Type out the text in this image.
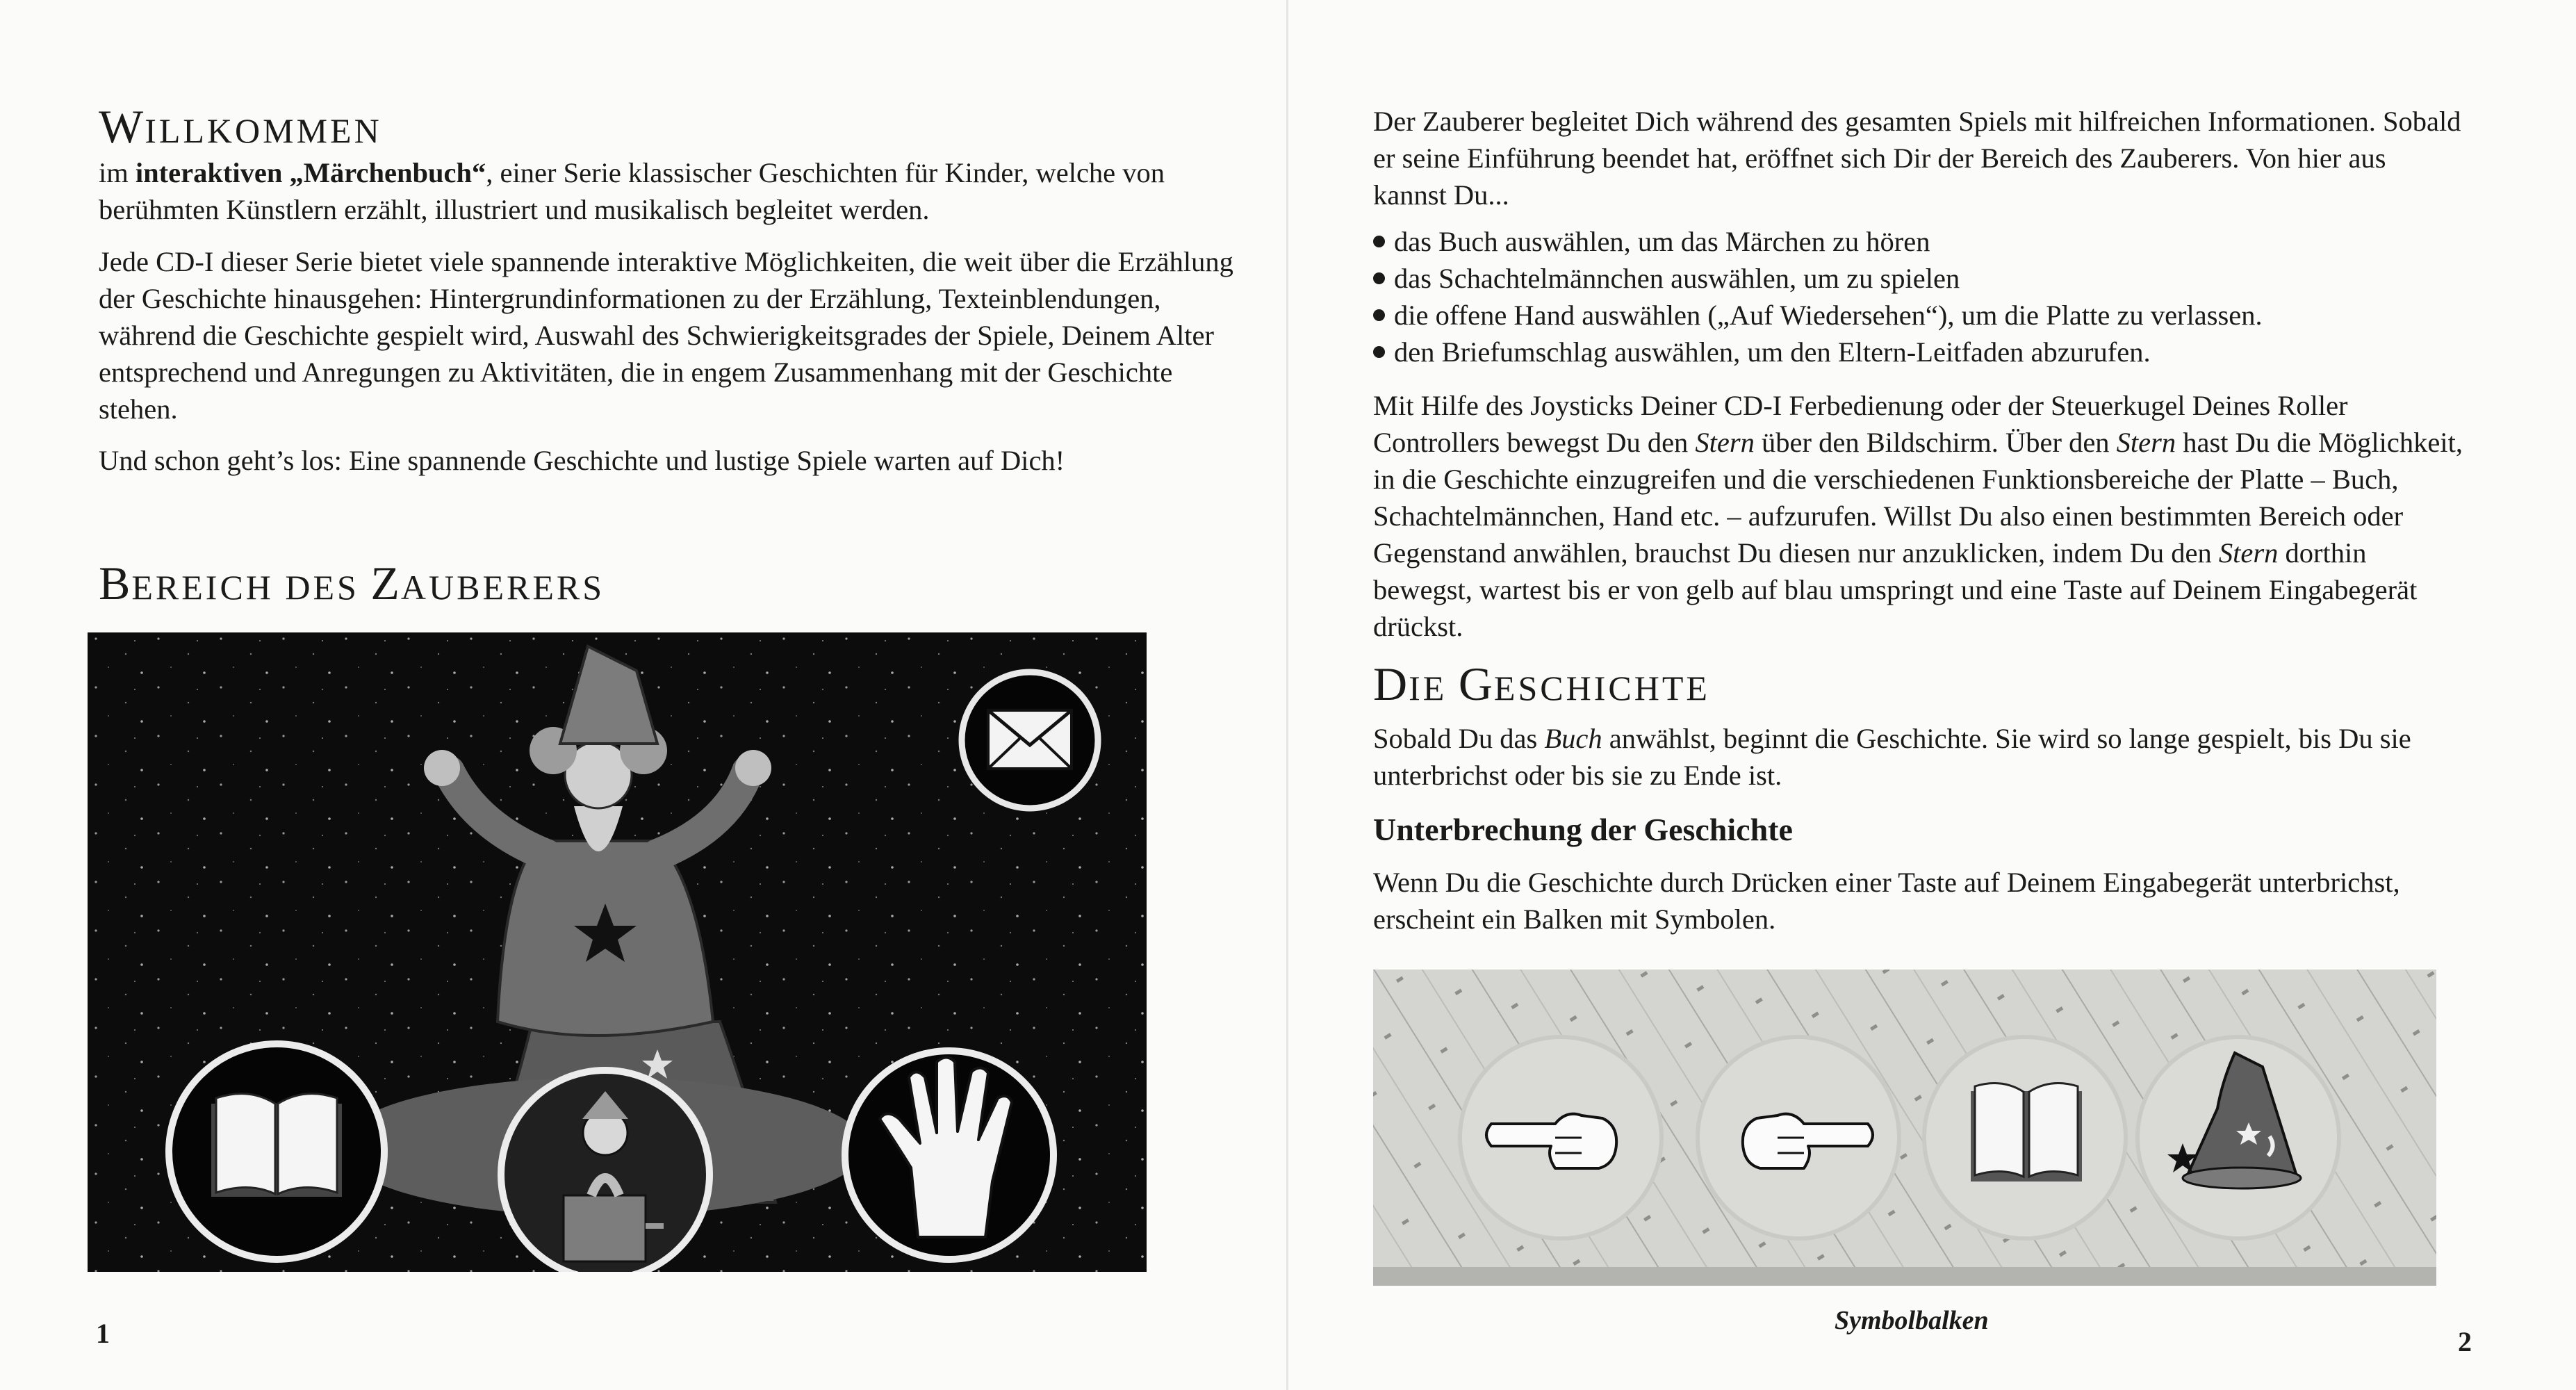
WILLKOMMEN
im interaktiven „Märchenbuch“, einer Serie klassischer Geschichten für Kinder, welche von berühmten Künstlern erzählt, illustriert und musikalisch begleitet werden.
Jede CD-I dieser Serie bietet viele spannende interaktive Möglichkeiten, die weit über die Erzählung der Geschichte hinausgehen: Hintergrundinformationen zu der Erzählung, Texteinblendungen, während die Geschichte gespielt wird, Auswahl des Schwierigkeitsgrades der Spiele, Deinem Alter entsprechend und Anregungen zu Aktivitäten, die in engem Zusammenhang mit der Geschichte stehen.
Und schon geht’s los: Eine spannende Geschichte und lustige Spiele warten auf Dich!
BEREICH DES ZAUBERERS
1
Der Zauberer begleitet Dich während des gesamten Spiels mit hilfreichen Informationen. Sobald er seine Einführung beendet hat, eröffnet sich Dir der Bereich des Zauberers. Von hier aus kannst Du...
das Buch auswählen, um das Märchen zu hören
das Schachtelmännchen auswählen, um zu spielen
die offene Hand auswählen („Auf Wiedersehen“), um die Platte zu verlassen.
den Briefumschlag auswählen, um den Eltern-Leitfaden abzurufen.
Mit Hilfe des Joysticks Deiner CD-I Ferbedienung oder der Steuerkugel Deines Roller Controllers bewegst Du den Stern über den Bildschirm. Über den Stern hast Du die Möglichkeit, in die Geschichte einzugreifen und die verschiedenen Funktionsbereiche der Platte – Buch, Schachtelmännchen, Hand etc. – aufzurufen. Willst Du also einen bestimmten Bereich oder Gegenstand anwählen, brauchst Du diesen nur anzuklicken, indem Du den Stern dorthin bewegst, wartest bis er von gelb auf blau umspringt und eine Taste auf Deinem Eingabegerät drückst.
DIE GESCHICHTE
Sobald Du das Buch anwählst, beginnt die Geschichte. Sie wird so lange gespielt, bis Du sie unterbrichst oder bis sie zu Ende ist.
Unterbrechung der Geschichte
Wenn Du die Geschichte durch Drücken einer Taste auf Deinem Eingabegerät unterbrichst, erscheint ein Balken mit Symbolen.
2
Symbolbalken
